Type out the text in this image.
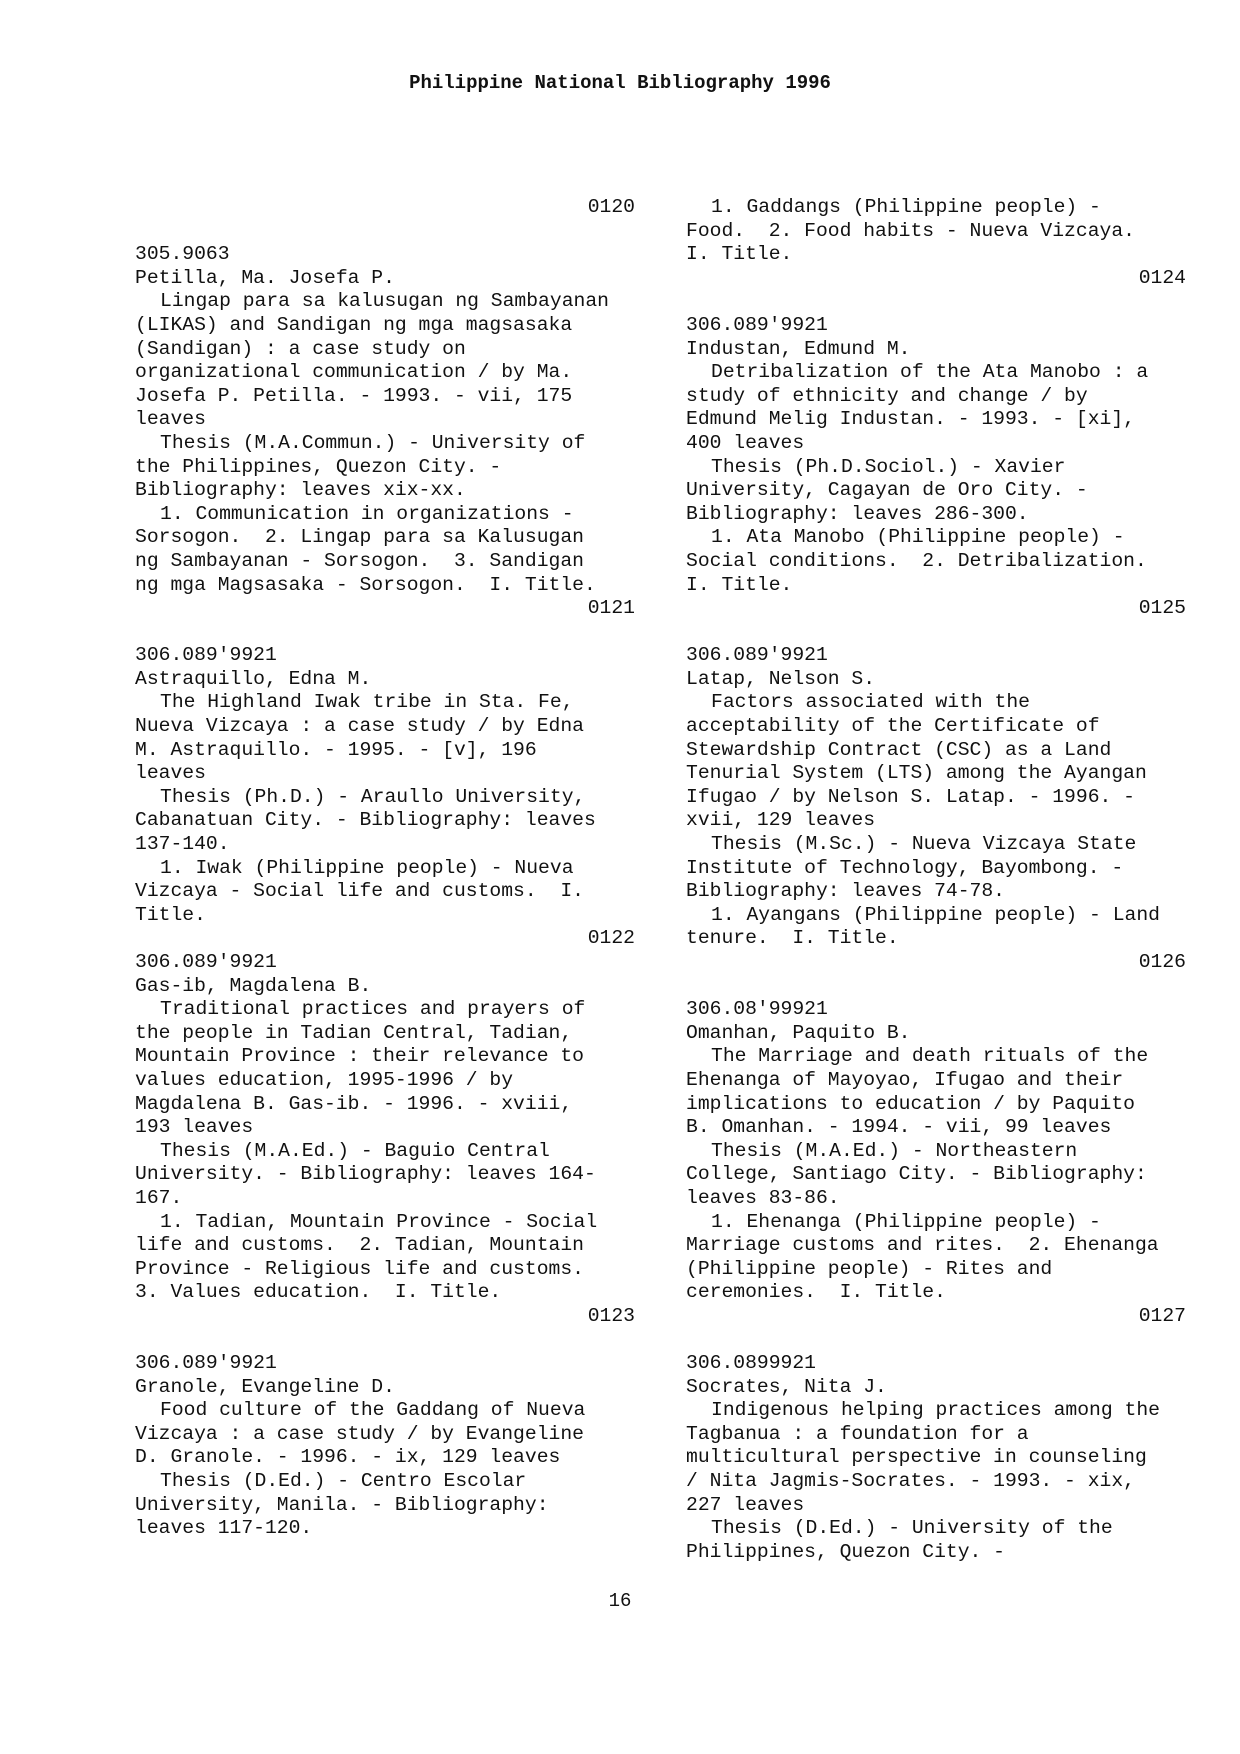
Philippine National Bibliography 1996
0120
305.9063
Petilla, Ma. Josefa P.
Lingap para sa kalusugan ng Sambayanan
(LIKAS) and Sandigan ng mga magsasaka
(Sandigan) : a case study on
organizational communication / by Ma.
Josefa P. Petilla. - 1993. - vii, 175
leaves
Thesis (M.A.Commun.) - University of
the Philippines, Quezon City. -
Bibliography: leaves xix-xx.
1. Communication in organizations -
Sorsogon.  2. Lingap para sa Kalusugan
ng Sambayanan - Sorsogon.  3. Sandigan
ng mga Magsasaka - Sorsogon.  I. Title.
0121
306.089'9921
Astraquillo, Edna M.
The Highland Iwak tribe in Sta. Fe,
Nueva Vizcaya : a case study / by Edna
M. Astraquillo. - 1995. - [v], 196
leaves
Thesis (Ph.D.) - Araullo University,
Cabanatuan City. - Bibliography: leaves
137-140.
1. Iwak (Philippine people) - Nueva
Vizcaya - Social life and customs.  I.
Title.
0122
306.089'9921
Gas-ib, Magdalena B.
Traditional practices and prayers of
the people in Tadian Central, Tadian,
Mountain Province : their relevance to
values education, 1995-1996 / by
Magdalena B. Gas-ib. - 1996. - xviii,
193 leaves
Thesis (M.A.Ed.) - Baguio Central
University. - Bibliography: leaves 164-
167.
1. Tadian, Mountain Province - Social
life and customs.  2. Tadian, Mountain
Province - Religious life and customs.
3. Values education.  I. Title.
0123
306.089'9921
Granole, Evangeline D.
Food culture of the Gaddang of Nueva
Vizcaya : a case study / by Evangeline
D. Granole. - 1996. - ix, 129 leaves
Thesis (D.Ed.) - Centro Escolar
University, Manila. - Bibliography:
leaves 117-120.
1. Gaddangs (Philippine people) -
Food.  2. Food habits - Nueva Vizcaya.
I. Title.
0124
306.089'9921
Industan, Edmund M.
Detribalization of the Ata Manobo : a
study of ethnicity and change / by
Edmund Melig Industan. - 1993. - [xi],
400 leaves
Thesis (Ph.D.Sociol.) - Xavier
University, Cagayan de Oro City. -
Bibliography: leaves 286-300.
1. Ata Manobo (Philippine people) -
Social conditions.  2. Detribalization.
I. Title.
0125
306.089'9921
Latap, Nelson S.
Factors associated with the
acceptability of the Certificate of
Stewardship Contract (CSC) as a Land
Tenurial System (LTS) among the Ayangan
Ifugao / by Nelson S. Latap. - 1996. -
xvii, 129 leaves
Thesis (M.Sc.) - Nueva Vizcaya State
Institute of Technology, Bayombong. -
Bibliography: leaves 74-78.
1. Ayangans (Philippine people) - Land
tenure.  I. Title.
0126
306.08'99921
Omanhan, Paquito B.
The Marriage and death rituals of the
Ehenanga of Mayoyao, Ifugao and their
implications to education / by Paquito
B. Omanhan. - 1994. - vii, 99 leaves
Thesis (M.A.Ed.) - Northeastern
College, Santiago City. - Bibliography:
leaves 83-86.
1. Ehenanga (Philippine people) -
Marriage customs and rites.  2. Ehenanga
(Philippine people) - Rites and
ceremonies.  I. Title.
0127
306.0899921
Socrates, Nita J.
Indigenous helping practices among the
Tagbanua : a foundation for a
multicultural perspective in counseling
/ Nita Jagmis-Socrates. - 1993. - xix,
227 leaves
Thesis (D.Ed.) - University of the
Philippines, Quezon City. -
16
